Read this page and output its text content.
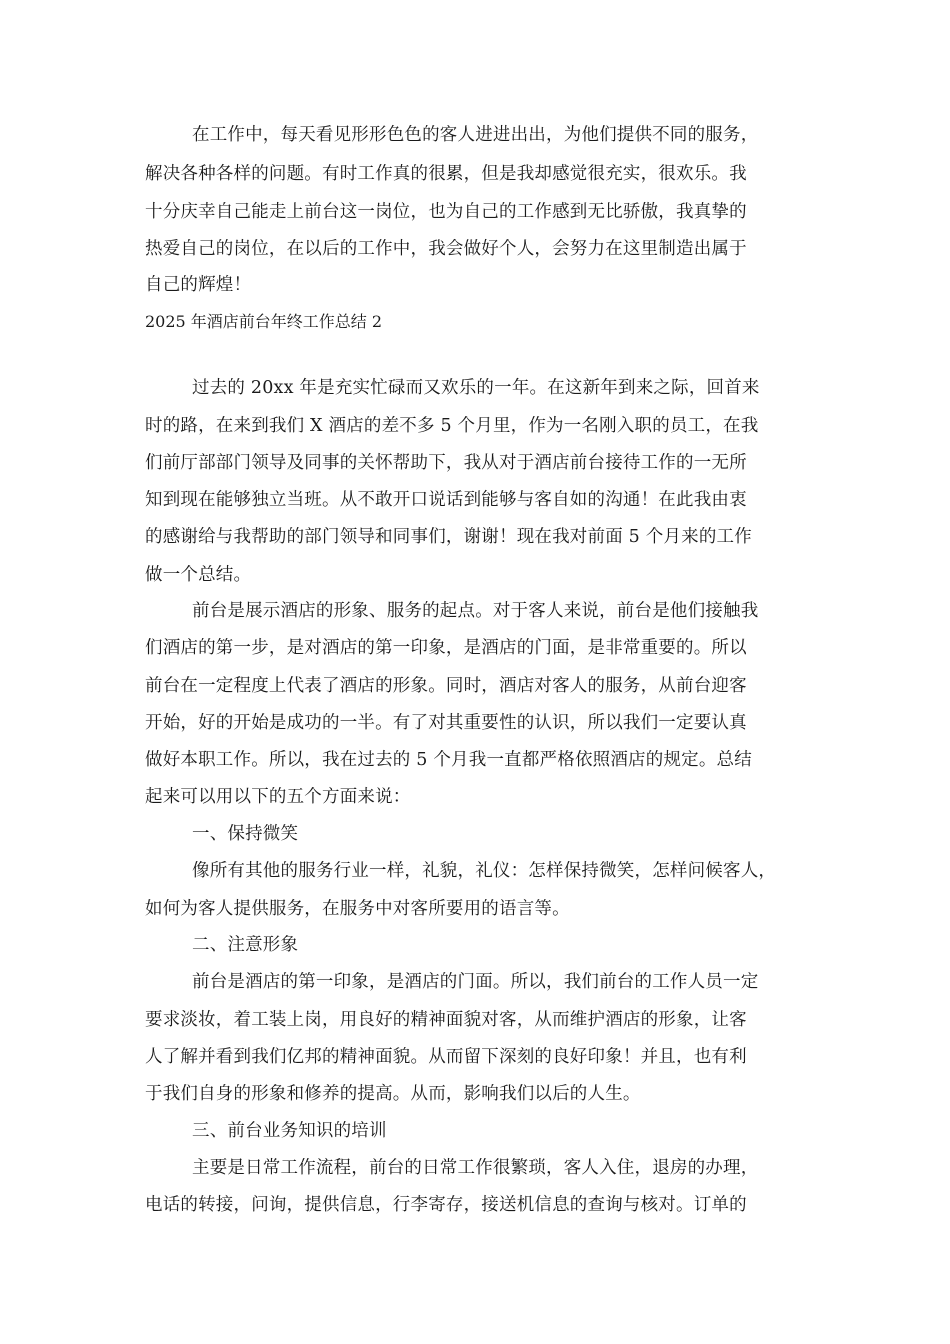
在工作中，每天看见形形色色的客人进进出出，为他们提供不同的服务，
解决各种各样的问题。有时工作真的很累，但是我却感觉很充实，很欢乐。我
十分庆幸自己能走上前台这一岗位，也为自己的工作感到无比骄傲，我真挚的
热爱自己的岗位，在以后的工作中，我会做好个人，会努力在这里制造出属于
自己的辉煌！
2025 年酒店前台年终工作总结 2
过去的 20xx 年是充实忙碌而又欢乐的一年。在这新年到来之际，回首来
时的路，在来到我们 X 酒店的差不多 5 个月里，作为一名刚入职的员工，在我
们前厅部部门领导及同事的关怀帮助下，我从对于酒店前台接待工作的一无所
知到现在能够独立当班。从不敢开口说话到能够与客自如的沟通！在此我由衷
的感谢给与我帮助的部门领导和同事们，谢谢！现在我对前面 5 个月来的工作
做一个总结。
前台是展示酒店的形象、服务的起点。对于客人来说，前台是他们接触我
们酒店的第一步，是对酒店的第一印象，是酒店的门面，是非常重要的。所以
前台在一定程度上代表了酒店的形象。同时，酒店对客人的服务，从前台迎客
开始，好的开始是成功的一半。有了对其重要性的认识，所以我们一定要认真
做好本职工作。所以，我在过去的 5 个月我一直都严格依照酒店的规定。总结
起来可以用以下的五个方面来说：
一、保持微笑
像所有其他的服务行业一样，礼貌，礼仪：怎样保持微笑，怎样问候客人，
如何为客人提供服务，在服务中对客所要用的语言等。
二、注意形象
前台是酒店的第一印象，是酒店的门面。所以，我们前台的工作人员一定
要求淡妆，着工装上岗，用良好的精神面貌对客，从而维护酒店的形象，让客
人了解并看到我们亿邦的精神面貌。从而留下深刻的良好印象！并且，也有利
于我们自身的形象和修养的提高。从而，影响我们以后的人生。
三、前台业务知识的培训
主要是日常工作流程，前台的日常工作很繁琐，客人入住，退房的办理，
电话的转接，问询，提供信息，行李寄存，接送机信息的查询与核对。订单的
